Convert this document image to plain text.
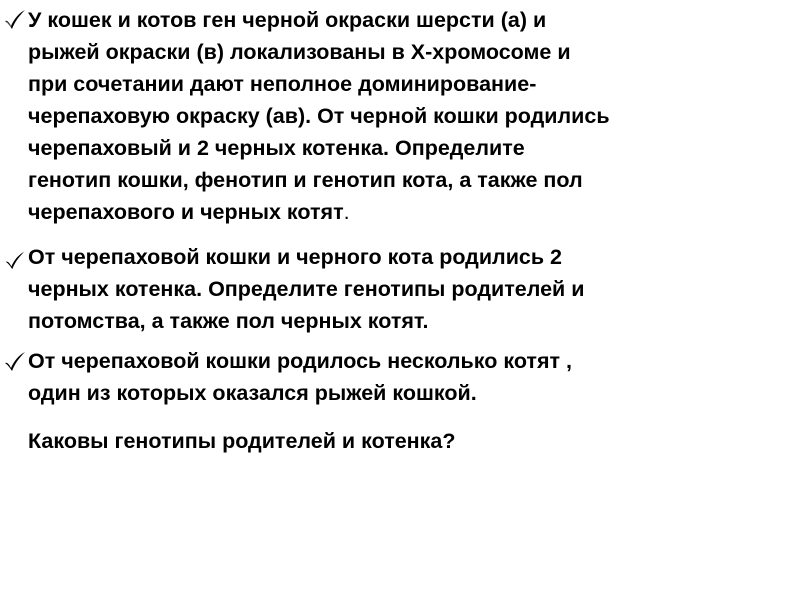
У кошек и котов ген черной окраски шерсти (а) и
рыжей окраски (в) локализованы в Х-хромосоме и
при сочетании дают неполное доминирование-
черепаховую окраску (ав). От черной кошки родились
черепаховый и 2 черных котенка. Определите
генотип кошки, фенотип и генотип кота, а также пол
черепахового и черных котят.
От черепаховой кошки и черного кота родились 2
черных котенка. Определите генотипы родителей и
потомства, а также пол черных котят.
От черепаховой кошки родилось несколько котят ,
один из которых оказался рыжей кошкой.
Каковы генотипы родителей и котенка?
